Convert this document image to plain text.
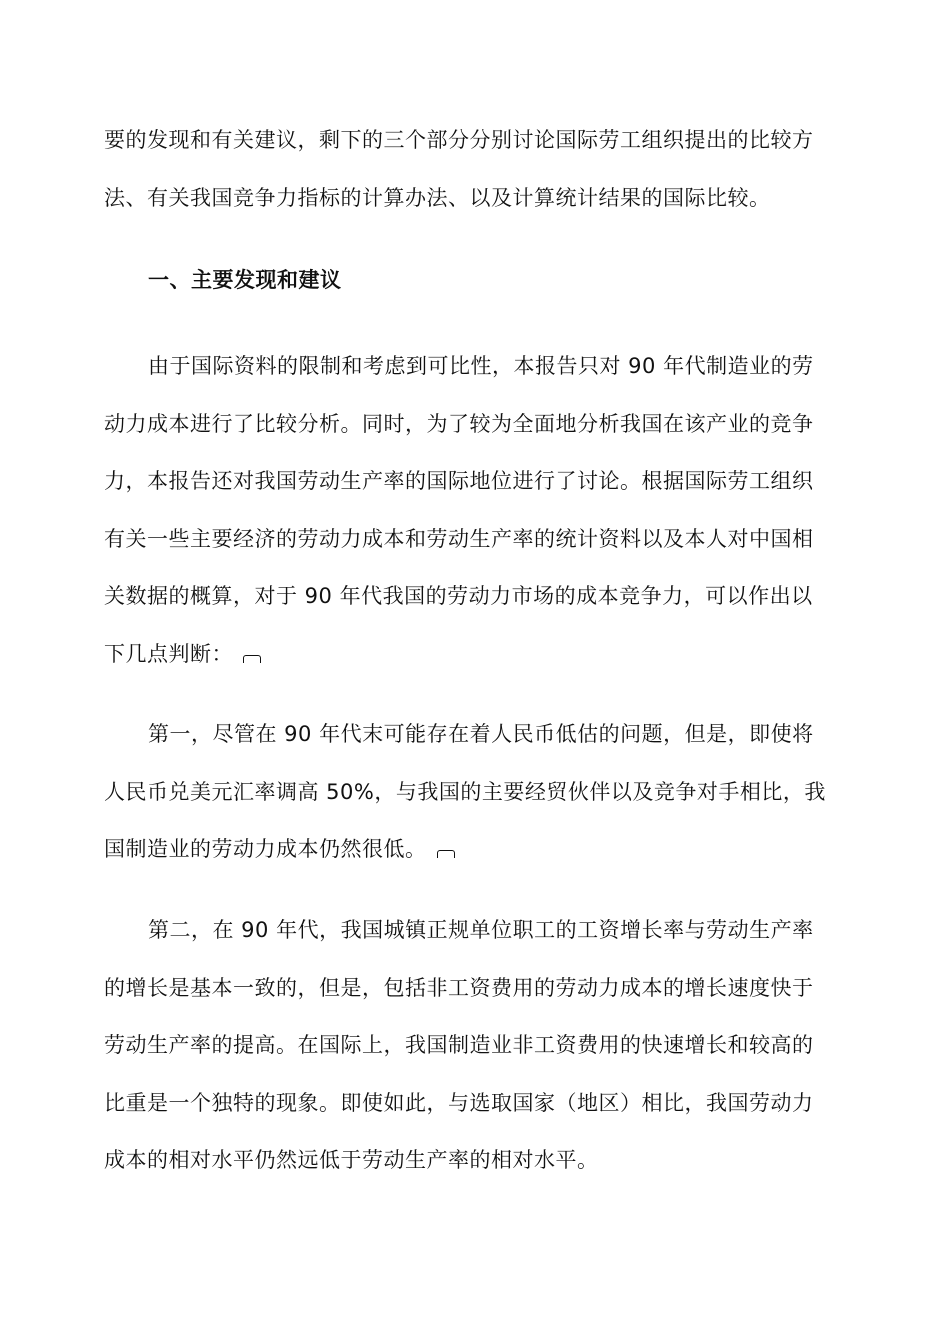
要的发现和有关建议，剩下的三个部分分别讨论国际劳工组织提出的比较方
法、有关我国竞争力指标的计算办法、以及计算统计结果的国际比较。
一、主要发现和建议
由于国际资料的限制和考虑到可比性，本报告只对 90 年代制造业的劳
动力成本进行了比较分析。同时，为了较为全面地分析我国在该产业的竞争
力，本报告还对我国劳动生产率的国际地位进行了讨论。根据国际劳工组织
有关一些主要经济的劳动力成本和劳动生产率的统计资料以及本人对中国相
关数据的概算，对于 90 年代我国的劳动力市场的成本竞争力，可以作出以
下几点判断：
第一，尽管在 90 年代末可能存在着人民币低估的问题，但是，即使将
人民币兑美元汇率调高 50%，与我国的主要经贸伙伴以及竞争对手相比，我
国制造业的劳动力成本仍然很低。
第二，在 90 年代，我国城镇正规单位职工的工资增长率与劳动生产率
的增长是基本一致的，但是，包括非工资费用的劳动力成本的增长速度快于
劳动生产率的提高。在国际上，我国制造业非工资费用的快速增长和较高的
比重是一个独特的现象。即使如此，与选取国家（地区）相比，我国劳动力
成本的相对水平仍然远低于劳动生产率的相对水平。
